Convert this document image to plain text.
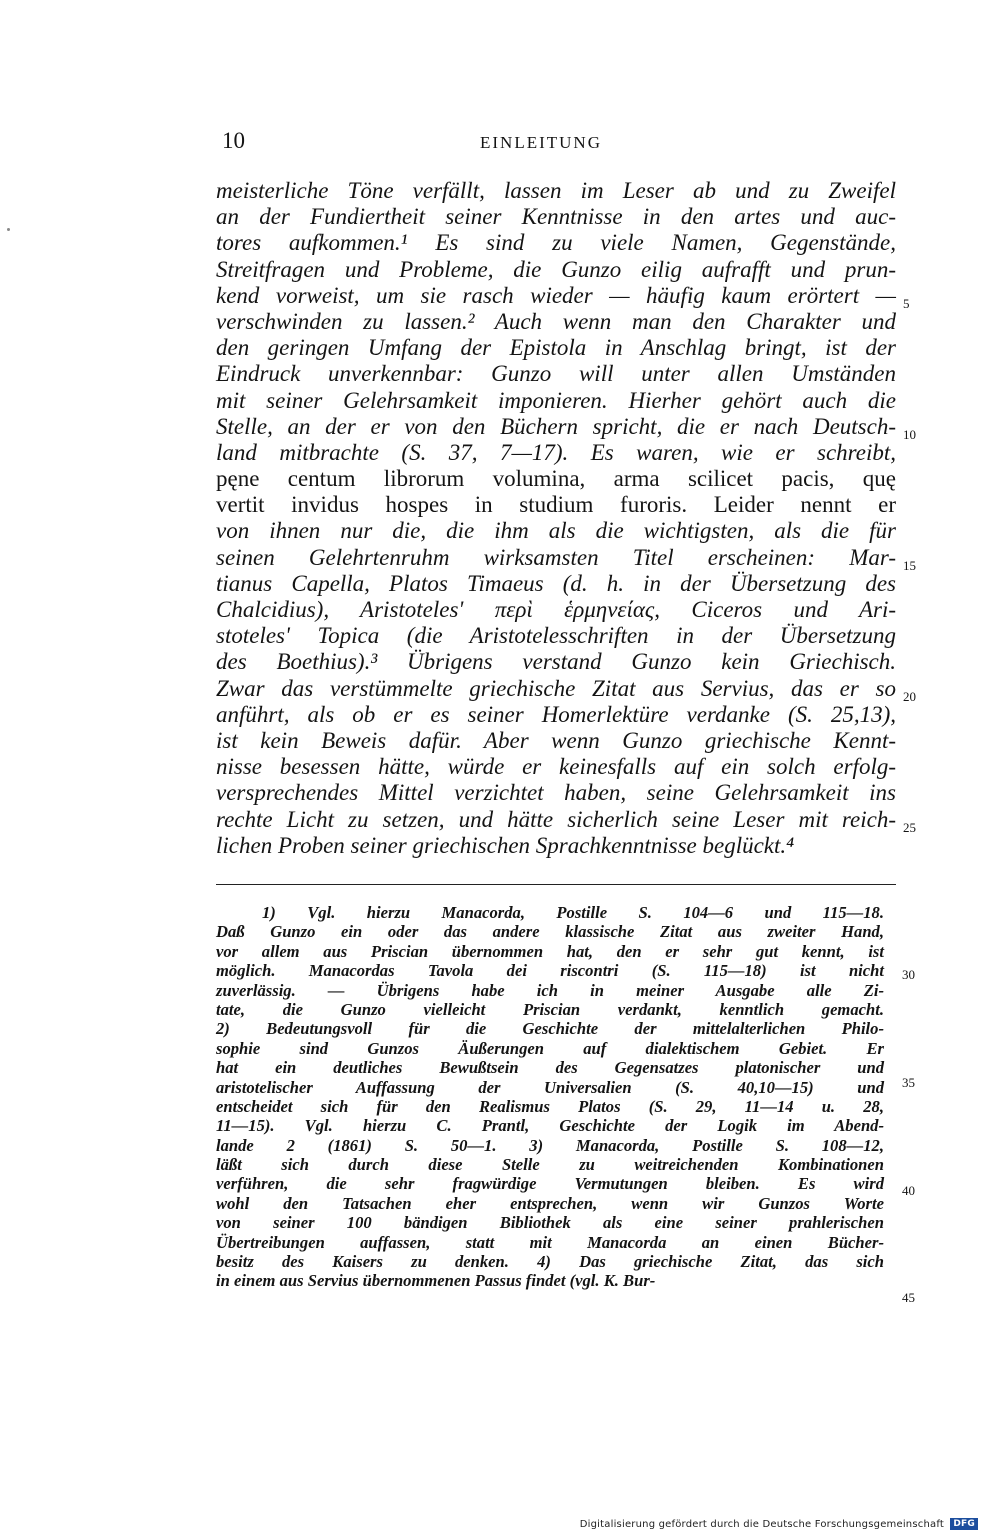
10	EINLEITUNG
meisterliche Töne verfällt, lassen im Leser ab und zu Zweifel
an der Fundiertheit seiner Kenntnisse in den artes und auc-
tores aufkommen.¹ Es sind zu viele Namen, Gegenstände,
Streitfragen und Probleme, die Gunzo eilig aufrafft und prun-
kend vorweist, um sie rasch wieder — häufig kaum erörtert —
verschwinden zu lassen.² Auch wenn man den Charakter und
den geringen Umfang der Epistola in Anschlag bringt, ist der
Eindruck unverkennbar: Gunzo will unter allen Umständen
mit seiner Gelehrsamkeit imponieren. Hierher gehört auch die
Stelle, an der er von den Büchern spricht, die er nach Deutsch-
land mitbrachte (S. 37, 7—17). Es waren, wie er schreibt,
pęne centum librorum volumina, arma scilicet pacis, quę
vertit invidus hospes in studium furoris. Leider nennt er
von ihnen nur die, die ihm als die wichtigsten, als die für
seinen Gelehrtenruhm wirksamsten Titel erscheinen: Mar-
tianus Capella, Platos Timaeus (d. h. in der Übersetzung des
Chalcidius), Aristoteles' περὶ ἑρμηνείας, Ciceros und Ari-
stoteles' Topica (die Aristotelesschriften in der Übersetzung
des Boethius).³ Übrigens verstand Gunzo kein Griechisch.
Zwar das verstümmelte griechische Zitat aus Servius, das er so
anführt, als ob er es seiner Homerlektüre verdanke (S. 25,13),
ist kein Beweis dafür. Aber wenn Gunzo griechische Kennt-
nisse besessen hätte, würde er keinesfalls auf ein solch erfolg-
versprechendes Mittel verzichtet haben, seine Gelehrsamkeit ins
rechte Licht zu setzen, und hätte sicherlich seine Leser mit reich-
lichen Proben seiner griechischen Sprachkenntnisse beglückt.⁴
5
10
15
20
25
1) Vgl. hierzu Manacorda, Postille S. 104—6 und 115—18.
Daß Gunzo ein oder das andere klassische Zitat aus zweiter Hand,
vor allem aus Priscian übernommen hat, den er sehr gut kennt, ist
möglich. Manacordas Tavola dei riscontri (S. 115—18) ist nicht
zuverlässig. — Übrigens habe ich in meiner Ausgabe alle Zi-
tate, die Gunzo vielleicht Priscian verdankt, kenntlich gemacht.
2) Bedeutungsvoll für die Geschichte der mittelalterlichen Philo-
sophie sind Gunzos Äußerungen auf dialektischem Gebiet. Er
hat ein deutliches Bewußtsein des Gegensatzes platonischer und
aristotelischer Auffassung der Universalien (S. 40,10—15) und
entscheidet sich für den Realismus Platos (S. 29, 11—14 u. 28,
11—15). Vgl. hierzu C. Prantl, Geschichte der Logik im Abend-
lande 2 (1861) S. 50—1. 3) Manacorda, Postille S. 108—12,
läßt sich durch diese Stelle zu weitreichenden Kombinationen
verführen, die sehr fragwürdige Vermutungen bleiben. Es wird
wohl den Tatsachen eher entsprechen, wenn wir Gunzos Worte
von seiner 100 bändigen Bibliothek als eine seiner prahlerischen
Übertreibungen auffassen, statt mit Manacorda an einen Bücher-
besitz des Kaisers zu denken. 4) Das griechische Zitat, das sich
in einem aus Servius übernommenen Passus findet (vgl. K. Bur-
30
35
40
45
Digitalisierung gefördert durch die Deutsche Forschungsgemeinschaft DFG
